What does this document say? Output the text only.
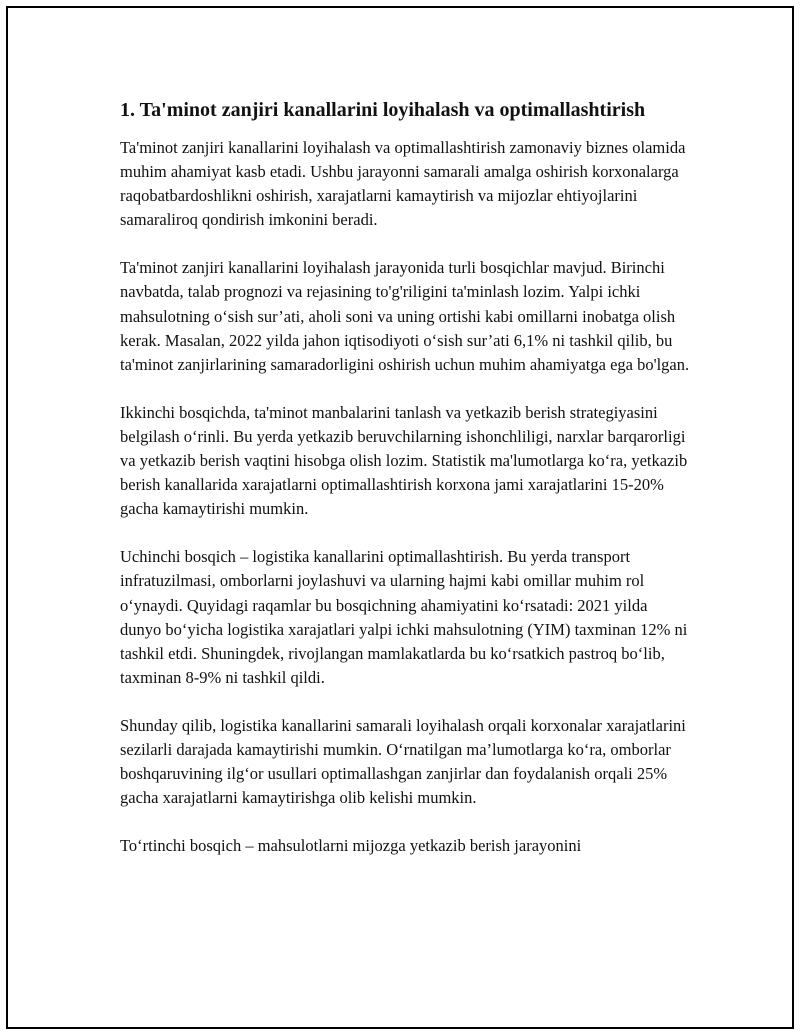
1. Ta'minot zanjiri kanallarini loyihalash va optimallashtirish

Ta'minot zanjiri kanallarini loyihalash va optimallashtirish zamonaviy biznes olamida muhim ahamiyat kasb etadi. Ushbu jarayonni samarali amalga oshirish korxonalarga raqobatbardoshlikni oshirish, xarajatlarni kamaytirish va mijozlar ehtiyojlarini samaraliroq qondirish imkonini beradi.

Ta'minot zanjiri kanallarini loyihalash jarayonida turli bosqichlar mavjud. Birinchi navbatda, talab prognozi va rejasining to'g'riligini ta'minlash lozim. Yalpi ichki mahsulotning o‘sish sur’ati, aholi soni va uning ortishi kabi omillarni inobatga olish kerak. Masalan, 2022 yilda jahon iqtisodiyoti o‘sish sur’ati 6,1% ni tashkil qilib, bu ta'minot zanjirlarining samaradorligini oshirish uchun muhim ahamiyatga ega bo'lgan.

Ikkinchi bosqichda, ta'minot manbalarini tanlash va yetkazib berish strategiyasini belgilash o‘rinli. Bu yerda yetkazib beruvchilarning ishonchliligi, narxlar barqarorligi va yetkazib berish vaqtini hisobga olish lozim. Statistik ma'lumotlarga ko‘ra, yetkazib berish kanallarida xarajatlarni optimallashtirish korxona jami xarajatlarini 15-20% gacha kamaytirishi mumkin.

Uchinchi bosqich – logistika kanallarini optimallashtirish. Bu yerda transport infratuzilmasi, omborlarni joylashuvi va ularning hajmi kabi omillar muhim rol o‘ynaydi. Quyidagi raqamlar bu bosqichning ahamiyatini ko‘rsatadi: 2021 yilda dunyo bo‘yicha logistika xarajatlari yalpi ichki mahsulotning (YIM) taxminan 12% ni tashkil etdi. Shuningdek, rivojlangan mamlakatlarda bu ko‘rsatkich pastroq bo‘lib, taxminan 8-9% ni tashkil qildi.

Shunday qilib, logistika kanallarini samarali loyihalash orqali korxonalar xarajatlarini sezilarli darajada kamaytirishi mumkin. O‘rnatilgan ma’lumotlarga ko‘ra, omborlar boshqaruvining ilg‘or usullari optimallashgan zanjirlar dan foydalanish orqali 25% gacha xarajatlarni kamaytirishga olib kelishi mumkin.

To‘rtinchi bosqich – mahsulotlarni mijozga yetkazib berish jarayonini
